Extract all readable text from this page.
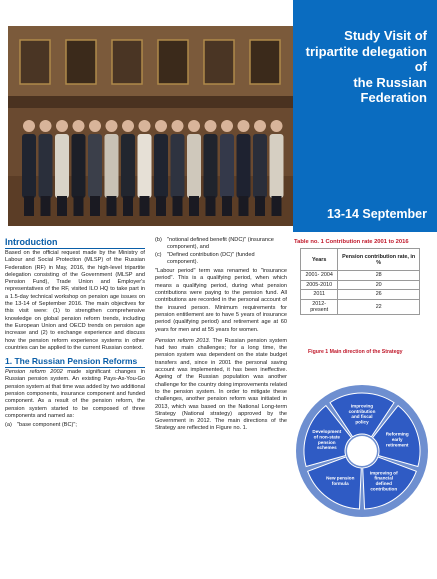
Study Visit of
tripartite delegation
of
the Russian
Federation
13-14 September
Introduction

Based on the official request made by the Ministry of Labour and Social Protection (MLSP) of the Russian Federation (RF) in May, 2016, the high-level tripartite delegation consisting of the Government (MLSP and Pension Fund), Trade Union and Employer's representatives of the RF, visited ILO HQ to take part in a 1.5-day technical workshop on pension age issues on the 13-14 of September 2016. The main objectives for this visit were: (1) to strengthen comprehensive knowledge on global pension reform trends, including the European Union and OECD trends on pension age increase and (2) to exchange experience and discuss how the pension reform experience systems in other countries can be applied to the current Russian context.

1. The Russian Pension Reforms

Pension reform 2002 made significant changes in Russian pension system. An existing Pays-As-You-Go pension system at that time was added by two additional pension components, insurance component and funded component. As a result of the pension reform, the pension system started to be composed of three components and named as:

(a) "base component (BC)";
(b) "notional defined benefit (NDC)" (insurance component), and
(c) "Defined contribution (DC)" (funded component).

"Labour period" term was renamed to "insurance period". This is a qualifying period, when which means a qualifying period, during what pension contributions were paying to the pension fund. All contributions are recorded in the personal account of the insured person. Minimum requirements for pension entitlement are to have 5 years of insurance period (qualifying period) and retirement age at 60 years for men and at 55 years for women.

Pension reform 2013. The Russian pension system had two main challenges; for a long time, the pension system was dependent on the state budget transfers and, since in 2001 the personal saving account was implemented, it has been ineffective. Ageing of the Russian population was another challenge for the country doing improvements related to the pension system. In order to mitigate these challenges, another pension reform was initiated in 2013, which was based on the National Long-term Strategy (National strategy) approved by the Government in 2012. The main directions of the Strategy are reflected in Figure no. 1.

Table no. 1 Contribution rate 2001 to 2016
Years	Pension contribution rate, in %
2001- 2004	28
2005-2010	20
2011	26
2012- present	22
Figure 1 Main direction of the Strategy
Improving contribution and fiscal policy
Reforming early retirement
Improving of financial defined contribution
New pension formula
Development of non-state pension schemes
